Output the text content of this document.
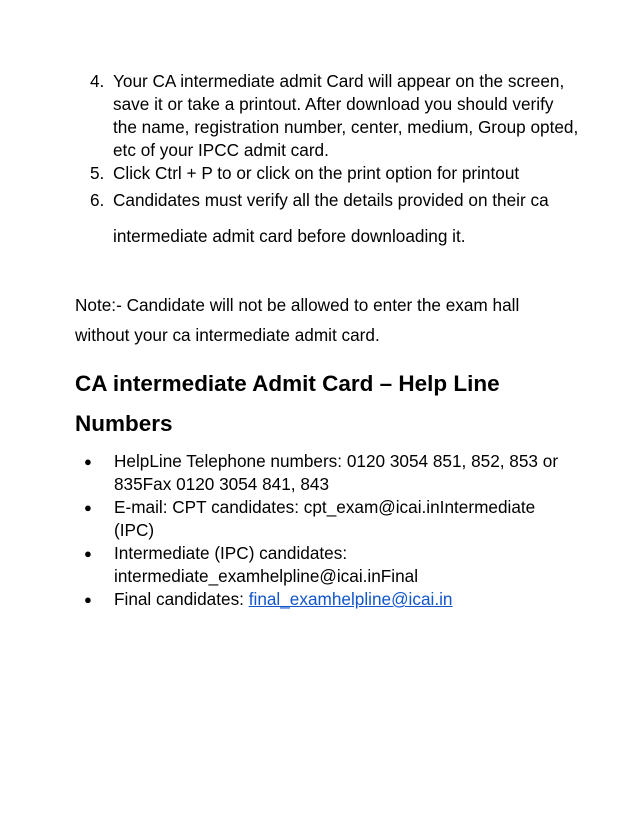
4. Your CA intermediate admit Card will appear on the screen, save it or take a printout. After download you should verify the name, registration number, center, medium, Group opted, etc of your IPCC admit card.
5. Click Ctrl + P to or click on the print option for printout
6. Candidates must verify all the details provided on their ca intermediate admit card before downloading it.
Note:- Candidate will not be allowed to enter the exam hall without your ca intermediate admit card.
CA intermediate Admit Card – Help Line Numbers
●	HelpLine Telephone numbers: 0120 3054 851, 852, 853 or 835Fax 0120 3054 841, 843
●	E-mail: CPT candidates: cpt_exam@icai.inIntermediate (IPC)
●	Intermediate (IPC) candidates: intermediate_examhelpline@icai.inFinal
●	Final candidates: final_examhelpline@icai.in
